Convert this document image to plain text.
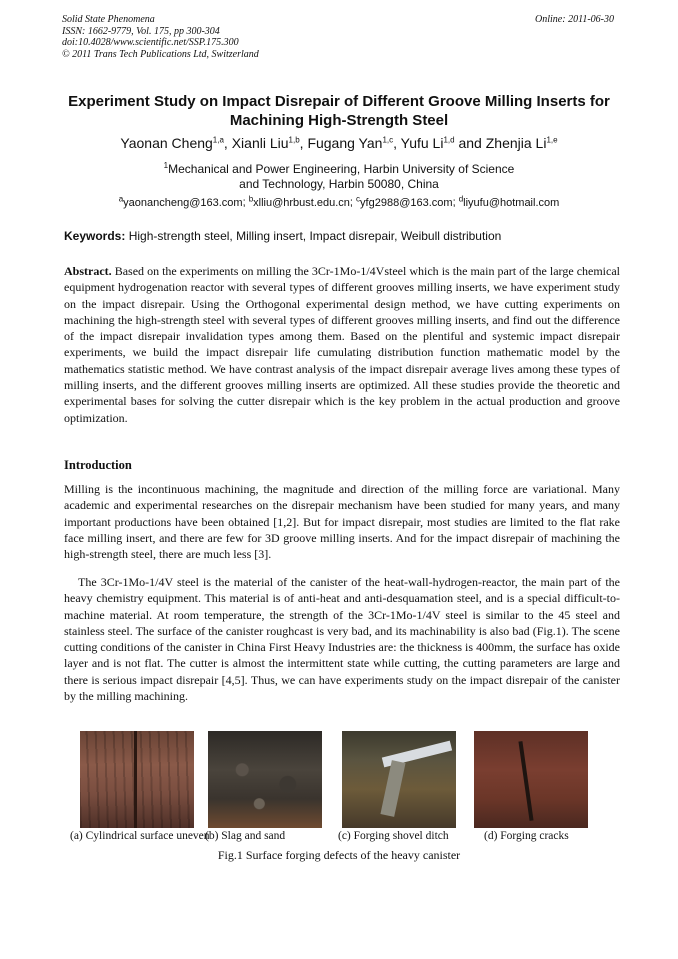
Solid State Phenomena
ISSN: 1662-9779, Vol. 175, pp 300-304
doi:10.4028/www.scientific.net/SSP.175.300
© 2011 Trans Tech Publications Ltd, Switzerland
Online: 2011-06-30
Experiment Study on Impact Disrepair of Different Groove Milling Inserts for Machining High-Strength Steel
Yaonan Cheng$^{1,a}$, Xianli Liu$^{1,b}$, Fugang Yan$^{1,c}$, Yufu Li$^{1,d}$ and Zhenjia Li$^{1,e}$
$^1$Mechanical and Power Engineering, Harbin University of Science
and Technology, Harbin 50080, China
$^a$yaonancheng@163.com; $^b$xlliu@hrbust.edu.cn; $^c$yfg2988@163.com; $^d$liyufu@hotmail.com
Keywords: High-strength steel, Milling insert, Impact disrepair, Weibull distribution
Abstract. Based on the experiments on milling the 3Cr-1Mo-1/4Vsteel which is the main part of the large chemical equipment hydrogenation reactor with several types of different grooves milling inserts, we have experiment study on the impact disrepair. Using the Orthogonal experimental design method, we have cutting experiments on machining the high-strength steel with several types of different grooves milling inserts, and find out the difference of the impact disrepair invalidation types among them. Based on the plentiful and systemic impact disrepair experiments, we build the impact disrepair life cumulating distribution function mathematic model by the mathematics statistic method. We have contrast analysis of the impact disrepair average lives among these types of milling inserts, and the different grooves milling inserts are optimized. All these studies provide the theoretic and experimental bases for solving the cutter disrepair which is the key problem in the actual production and groove optimization.
Introduction
Milling is the incontinuous machining, the magnitude and direction of the milling force are variational. Many academic and experimental researches on the disrepair mechanism have been studied for many years, and many important productions have been obtained [1,2]. But for impact disrepair, most studies are limited to the flat rake face milling insert, and there are few for 3D groove milling inserts. And for the impact disrepair of machining the high-strength steel, there are much less [3].
The 3Cr-1Mo-1/4V steel is the material of the canister of the heat-wall-hydrogen-reactor, the main part of the heavy chemistry equipment. This material is of anti-heat and anti-desquamation steel, and is a special difficult-to-machine material. At room temperature, the strength of the 3Cr-1Mo-1/4V steel is similar to the 45 steel and stainless steel. The surface of the canister roughcast is very bad, and its machinability is also bad (Fig.1). The scene cutting conditions of the canister in China First Heavy Industries are: the thickness is 400mm, the surface has oxide layer and is not flat. The cutter is almost the intermittent state while cutting, the cutting parameters are large and there is serious impact disrepair [4,5]. Thus, we can have experiments study on the impact disrepair of the canister by the milling machining.
(a) Cylindrical surface uneven
(b) Slag and sand	(c) Forging shovel ditch	(d) Forging cracks
Fig.1 Surface forging defects of the heavy canister
